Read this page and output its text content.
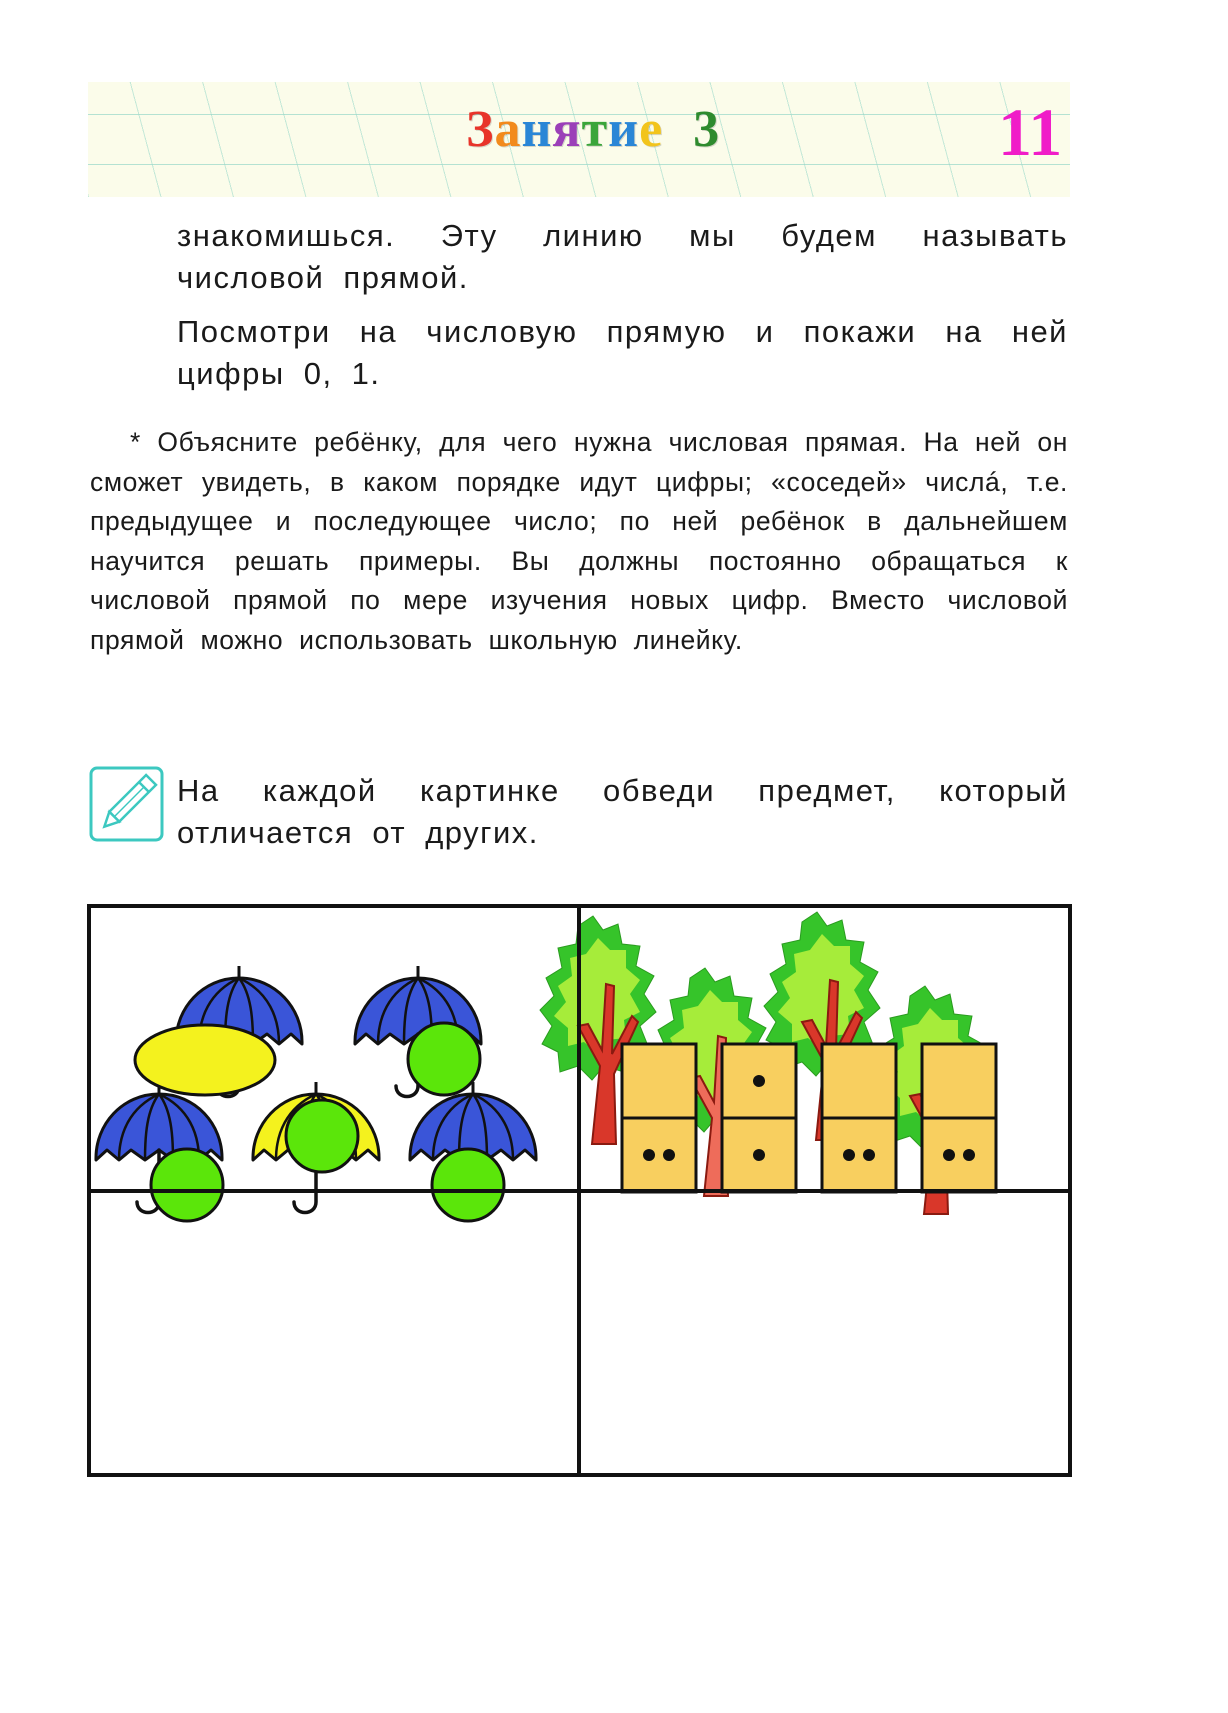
Занятие 3	11

знакомишься. Эту линию мы будем называть числовой прямой.

Посмотри на числовую прямую и покажи на ней цифры 0, 1.

* Объясните ребёнку, для чего нужна числовая прямая. На ней он сможет увидеть, в каком порядке идут цифры; «соседей» числá, т.е. предыдущее и последующее число; по ней ребёнок в дальнейшем научится решать примеры. Вы должны постоянно обращаться к числовой прямой по мере изучения новых цифр. Вместо числовой прямой можно использовать школьную линейку.

На каждой картинке обведи предмет, который отличается от других.
